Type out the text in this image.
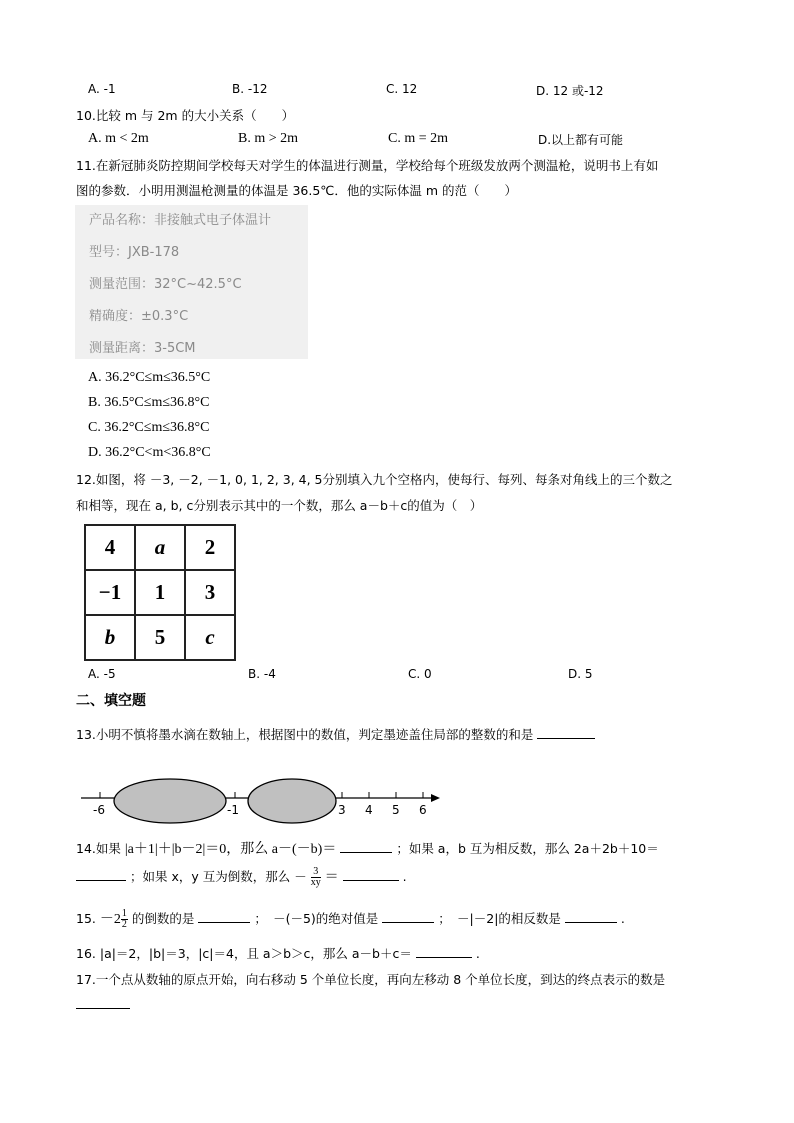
A. -1	B. -12	C. 12	D. 12 或-12
10.比较 m 与 2m 的大小关系（　　）
A. m < 2m	B. m > 2m	C. m = 2m	D.以上都有可能
11.在新冠肺炎防控期间学校每天对学生的体温进行测量，学校给每个班级发放两个测温枪，说明书上有如
图的参数．小明用测温枪测量的体温是 36.5℃．他的实际体温 m 的范（　　）
产品名称：非接触式电子体温计
型号：JXB-178
测量范围：32°C~42.5°C
精确度：±0.3°C
测量距离：3-5CM
A. 36.2°C≤m≤36.5°C
B. 36.5°C≤m≤36.8°C
C. 36.2°C≤m≤36.8°C
D. 36.2°C<m<36.8°C
12.如图，将 －3, －2, －1, 0, 1, 2, 3, 4, 5分别填入九个空格内，使每行、每列、每条对角线上的三个数之
和相等，现在 a, b, c分别表示其中的一个数，那么 a－b＋c的值为（　）
4	a	2
−1	1	3
b	5	c
A. -5	B. -4	C. 0	D. 5
二、填空题
13.小明不慎将墨水滴在数轴上，根据图中的数值，判定墨迹盖住局部的整数的和是
-6	-1	3 4 5 6
14.如果 |a＋1|＋|b－2|＝0，那么 a－(－b)＝	；如果 a，b 互为相反数，那么 2a＋2b＋10＝
；如果 x，y 互为倒数，那么 － $\frac{3}{xy}$ ＝	.
15. $-2 \frac{1}{2}$ 的倒数的是	；　－(－5)的绝对值是	；　－|－2|的相反数是	.
16. |a|＝2，|b|＝3，|c|＝4，且 a＞b＞c，那么 a－b＋c＝	.
17.一个点从数轴的原点开始，向右移动 5 个单位长度，再向左移动 8 个单位长度，到达的终点表示的数是
